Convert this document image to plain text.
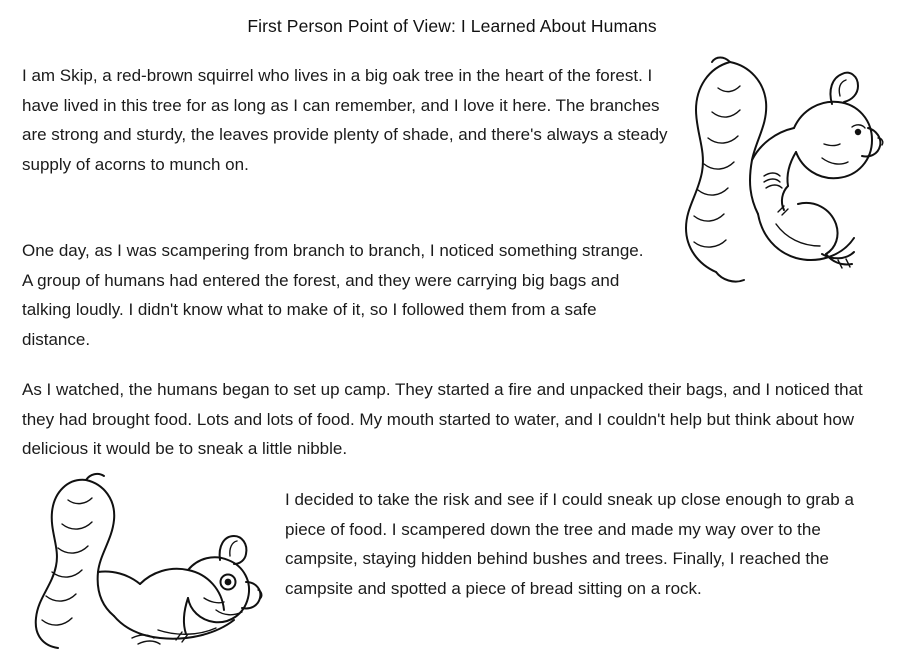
First Person Point of View: I Learned About Humans
I am Skip, a red-brown squirrel who lives in a big oak tree in the heart of the forest. I have lived in this tree for as long as I can remember, and I love it here. The branches are strong and sturdy, the leaves provide plenty of shade, and there's always a steady supply of acorns to munch on.
One day, as I was scampering from branch to branch, I noticed something strange. A group of humans had entered the forest, and they were carrying big bags and talking loudly. I didn't know what to make of it, so I followed them from a safe distance.
As I watched, the humans began to set up camp. They started a fire and unpacked their bags, and I noticed that they had brought food. Lots and lots of food. My mouth started to water, and I couldn't help but think about how delicious it would be to sneak a little nibble.
I decided to take the risk and see if I could sneak up close enough to grab a piece of food. I scampered down the tree and made my way over to the campsite, staying hidden behind bushes and trees. Finally, I reached the campsite and spotted a piece of bread sitting on a rock.
